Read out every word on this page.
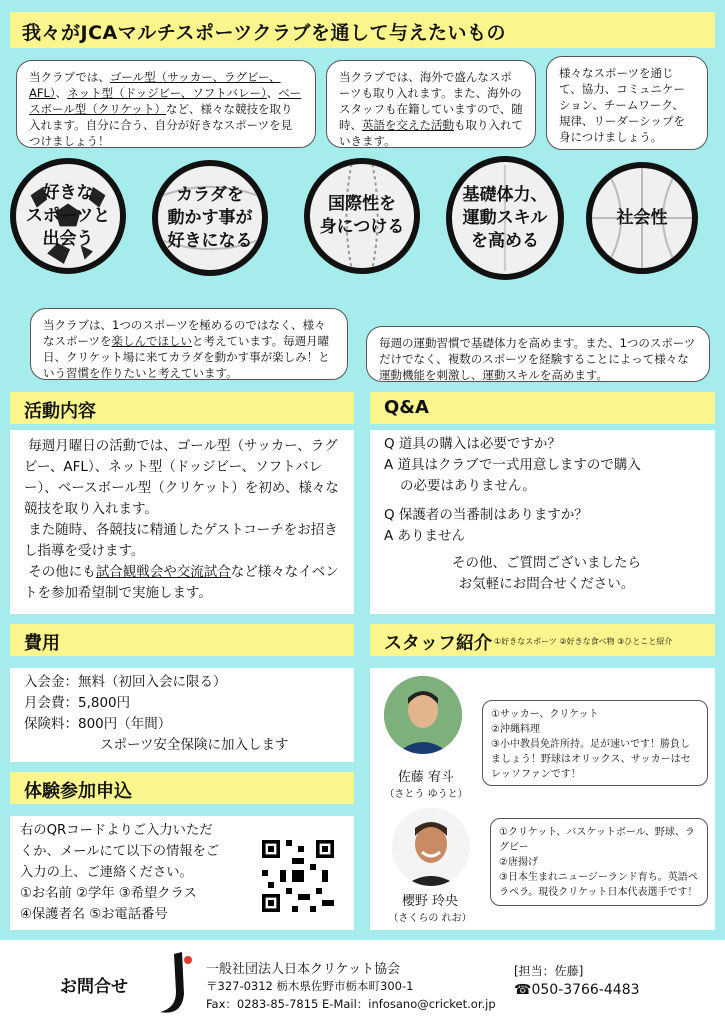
我々がJCAマルチスポーツクラブを通して与えたいもの
当クラブでは、ゴール型（サッカー、ラグビー、AFL）、ネット型（ドッジビー、ソフトバレー）、ベースボール型（クリケット）など、様々な競技を取り入れます。自分に合う、自分が好きなスポーツを見つけましょう！
当クラブでは、海外で盛んなスポーツも取り入れます。また、海外のスタッフも在籍していますので、随時、英語を交えた活動も取り入れていきます。
様々なスポーツを通じて、協力、コミュニケーション、チームワーク、規律、リーダーシップを身につけましょう。
好きな
スポーツと
出会う
カラダを
動かす事が
好きになる
国際性を
身につける
基礎体力、
運動スキル
を高める
社会性
当クラブは、1つのスポーツを極めるのではなく、様々なスポーツを楽しんでほしいと考えています。毎週月曜日、クリケット場に来てカラダを動かす事が楽しみ！という習慣を作りたいと考えています。
毎週の運動習慣で基礎体力を高めます。また、1つのスポーツだけでなく、複数のスポーツを経験することによって様々な運動機能を刺激し、運動スキルを高めます。
活動内容
毎週月曜日の活動では、ゴール型（サッカー、ラグビー、AFL）、ネット型（ドッジビー、ソフトバレー）、ベースボール型（クリケット）を初め、様々な競技を取り入れます。
また随時、各競技に精通したゲストコーチをお招きし指導を受けます。
その他にも試合観戦会や交流試合など様々なイベントを参加希望制で実施します。
Q&A
Q 道具の購入は必要ですか？
A 道具はクラブで一式用意しますので購入
の必要はありません。
Q 保護者の当番制はありますか？
A ありません
その他、ご質問ございましたら
お気軽にお問合せください。
費用
入会金：無料（初回入会に限る）
月会費：5,800円
保険料：800円（年間）
スポーツ安全保険に加入します
体験参加申込
右のQRコードよりご入力いただ
くか、メールにて以下の情報をご
入力の上、ご連絡ください。
①お名前 ②学年 ③希望クラス
④保護者名 ⑤お電話番号
スタッフ紹介 ①好きなスポーツ ②好きな食べ物 ③ひとこと紹介
佐藤 宥斗
（さとう ゆうと）
①サッカー、クリケット
②沖縄料理
③小中教員免許所持。足が速いです！勝負しましょう！野球はオリックス、サッカーはセレッソファンです！
櫻野 玲央
（さくらの れお）
①クリケット、バスケットボール、野球、ラグビー
②唐揚げ
③日本生まれニュージーランド育ち。英語ペラペラ。現役クリケット日本代表選手です！
お問合せ
一般社団法人日本クリケット協会
〒327-0312 栃木県佐野市栃本町300-1
Fax：0283-85-7815 E-Mail：infosano@cricket.or.jp
[担当：佐藤]
☎050-3766-4483
